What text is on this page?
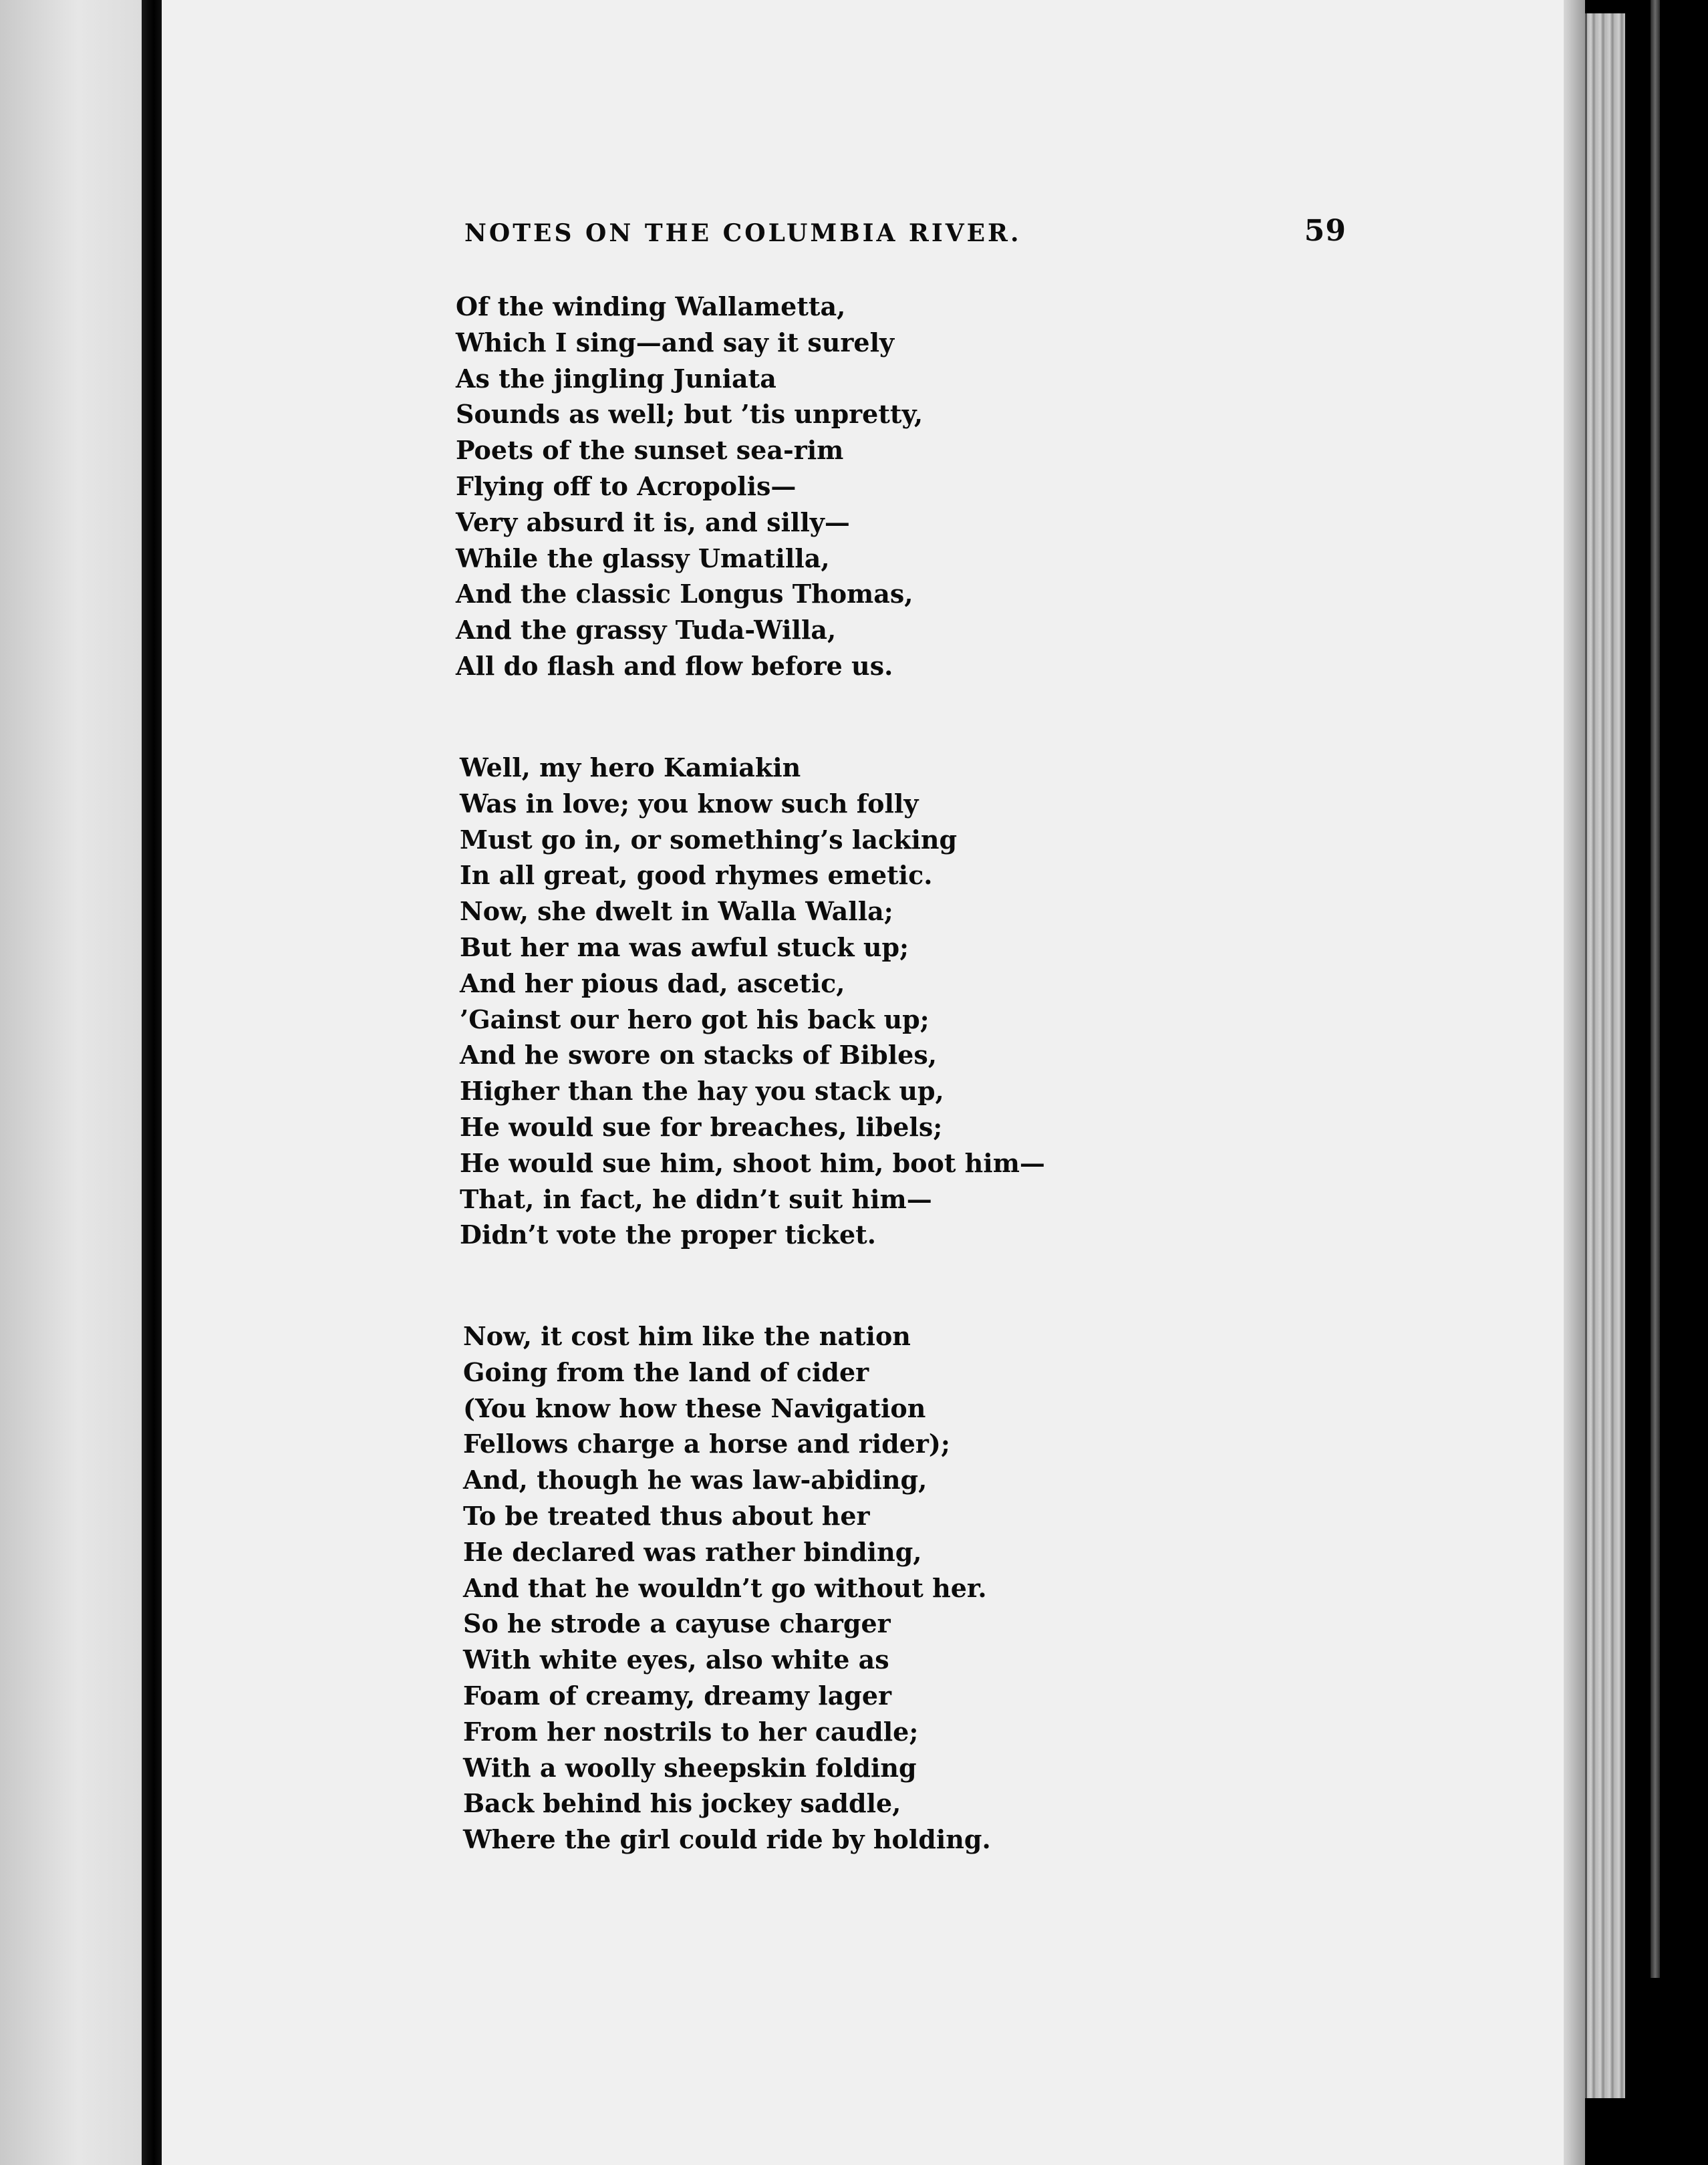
NOTES ON THE COLUMBIA RIVER.	59
Of the winding Wallametta,
Which I sing—and say it surely
As the jingling Juniata
Sounds as well; but ’tis unpretty,
Poets of the sunset sea-rim
Flying off to Acropolis—
Very absurd it is, and silly—
While the glassy Umatilla,
And the classic Longus Thomas,
And the grassy Tuda-Willa,
All do flash and flow before us.
Well, my hero Kamiakin
Was in love; you know such folly
Must go in, or something’s lacking
In all great, good rhymes emetic.
Now, she dwelt in Walla Walla;
But her ma was awful stuck up;
And her pious dad, ascetic,
’Gainst our hero got his back up;
And he swore on stacks of Bibles,
Higher than the hay you stack up,
He would sue for breaches, libels;
He would sue him, shoot him, boot him—
That, in fact, he didn’t suit him—
Didn’t vote the proper ticket.
Now, it cost him like the nation
Going from the land of cider
(You know how these Navigation
Fellows charge a horse and rider);
And, though he was law-abiding,
To be treated thus about her
He declared was rather binding,
And that he wouldn’t go without her.
So he strode a cayuse charger
With white eyes, also white as
Foam of creamy, dreamy lager
From her nostrils to her caudle;
With a woolly sheepskin folding
Back behind his jockey saddle,
Where the girl could ride by holding.
